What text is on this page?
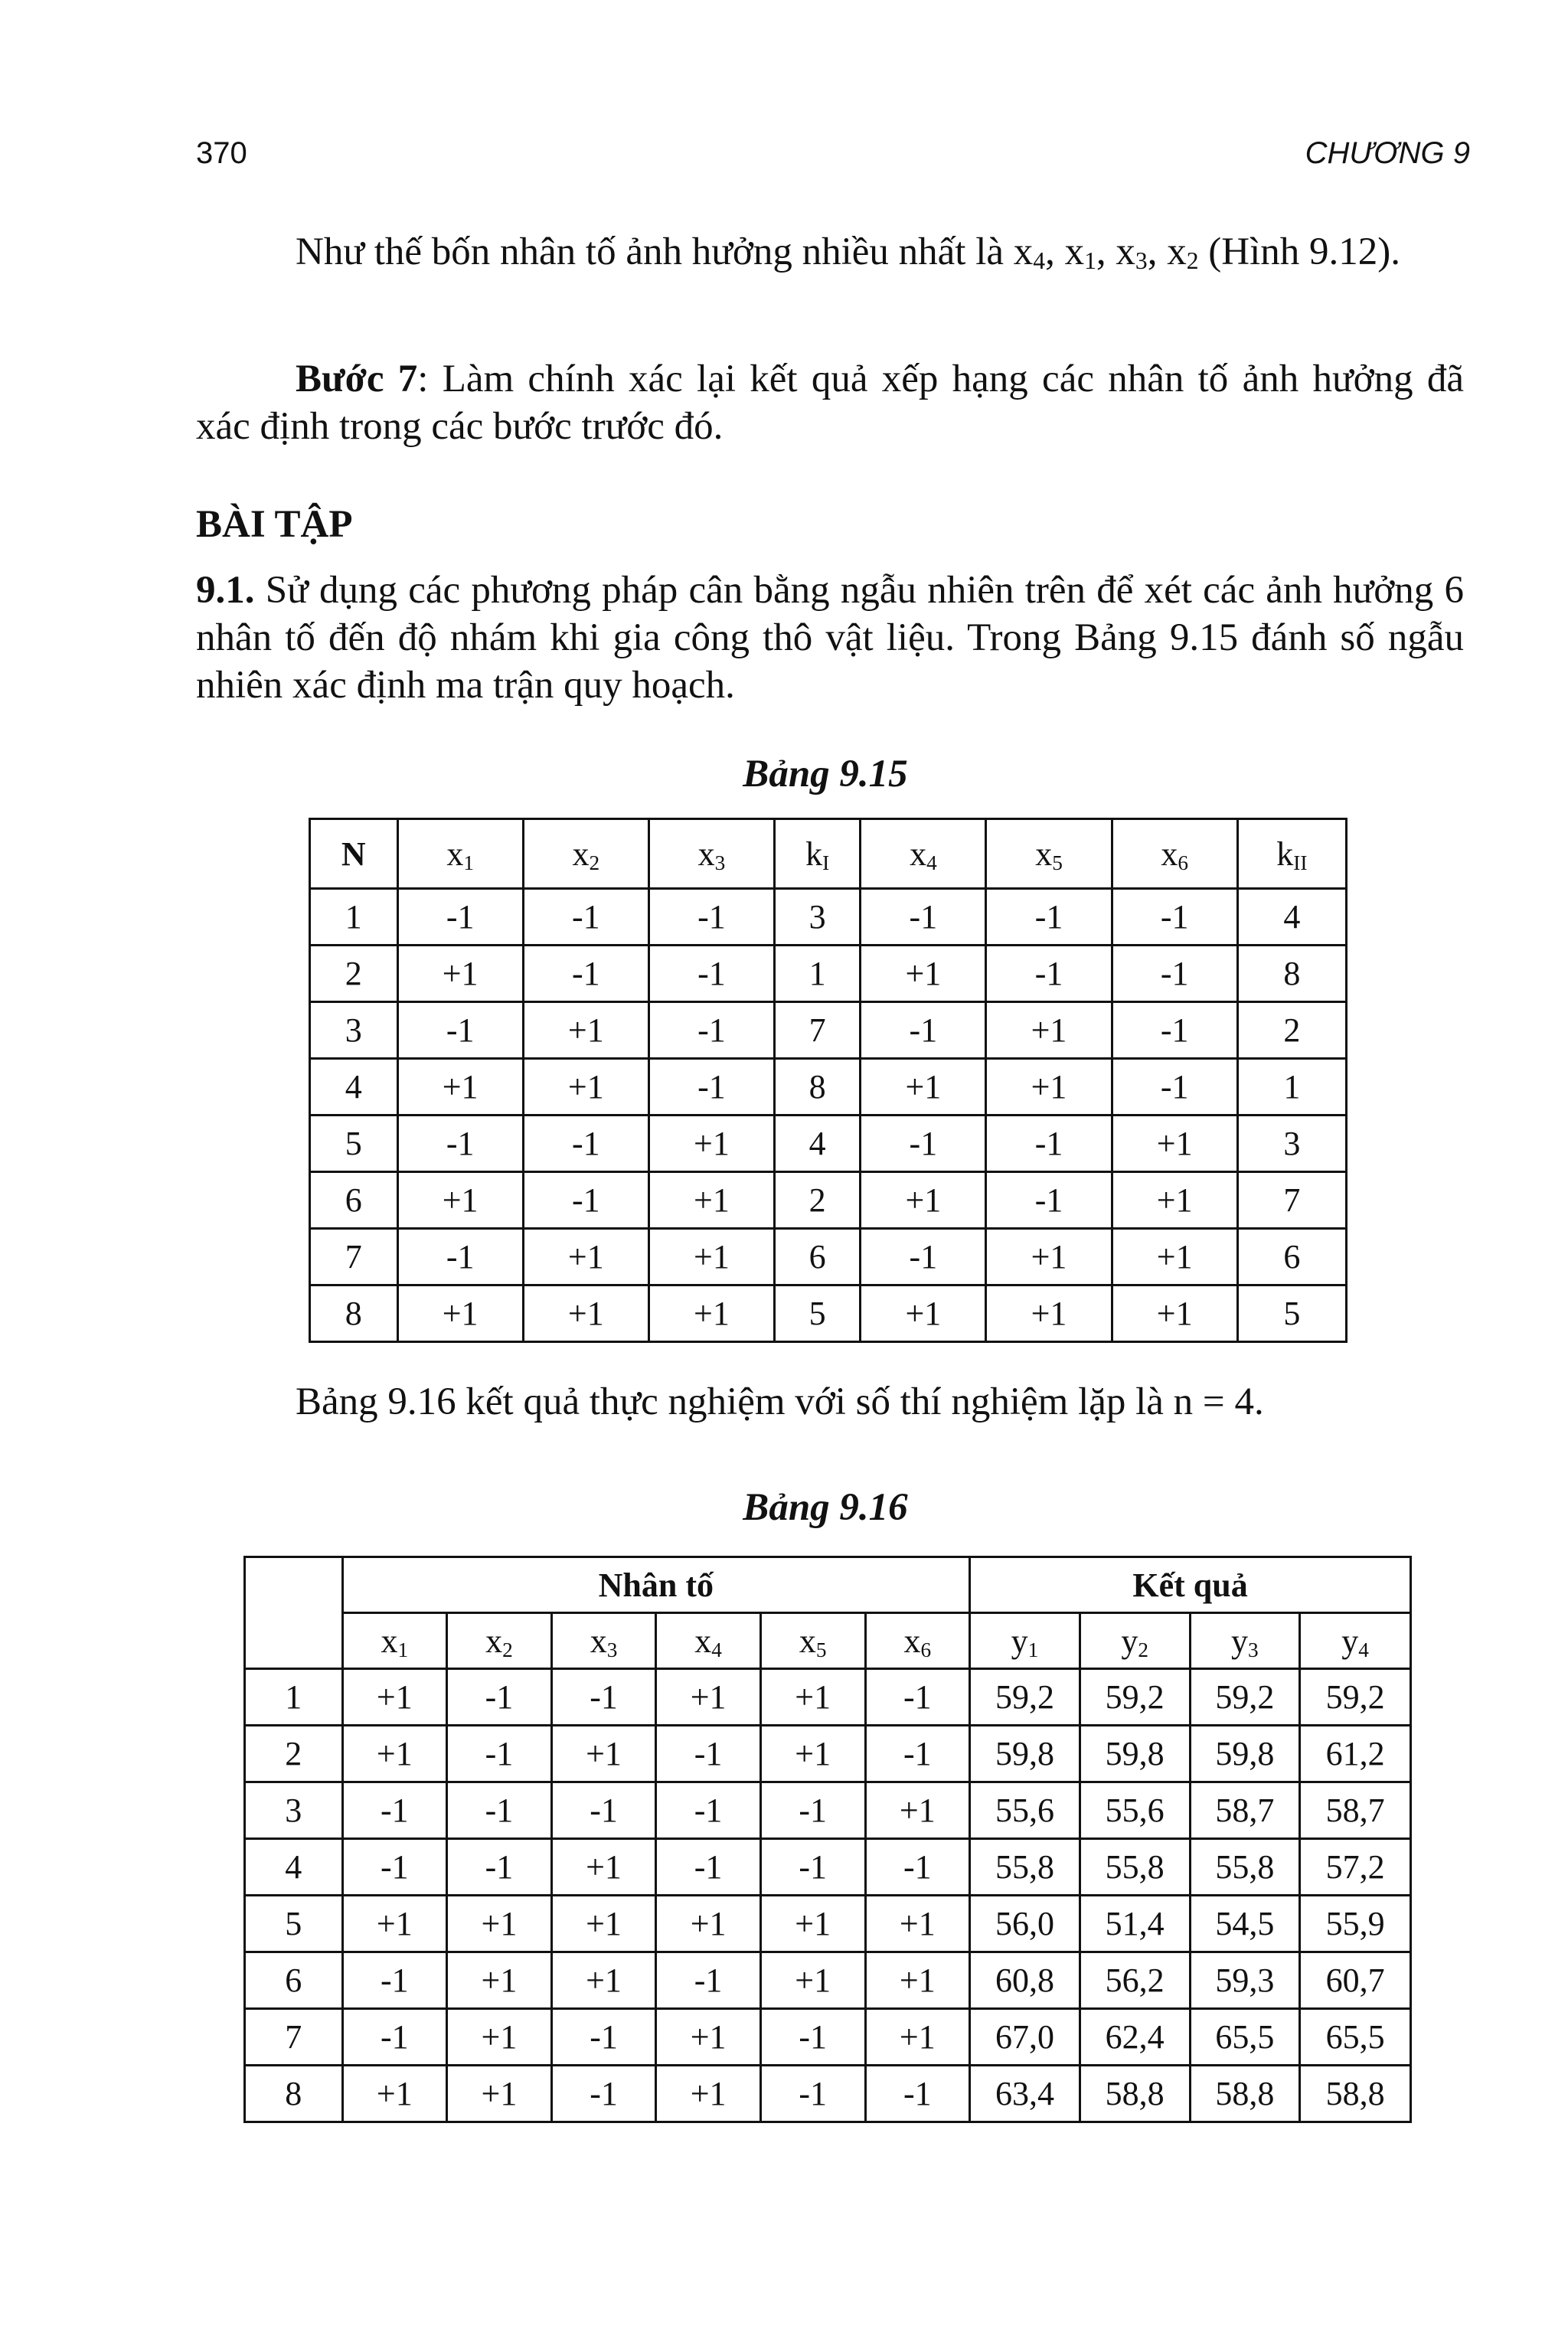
370	CHƯƠNG 9
Như thế bốn nhân tố ảnh hưởng nhiều nhất là $x_4$, $x_1$, $x_3$, $x_2$ (Hình 9.12).
Bước 7: Làm chính xác lại kết quả xếp hạng các nhân tố ảnh hưởng đã xác định trong các bước trước đó.
BÀI TẬP
9.1. Sử dụng các phương pháp cân bằng ngẫu nhiên trên để xét các ảnh hưởng 6 nhân tố đến độ nhám khi gia công thô vật liệu. Trong Bảng 9.15 đánh số ngẫu nhiên xác định ma trận quy hoạch.
Bảng 9.15
N	$x_1$	$x_2$	$x_3$	$k_I$	$x_4$	$x_5$	$x_6$	$k_{II}$
1	-1	-1	-1	3	-1	-1	-1	4
2	+1	-1	-1	1	+1	-1	-1	8
3	-1	+1	-1	7	-1	+1	-1	2
4	+1	+1	-1	8	+1	+1	-1	1
5	-1	-1	+1	4	-1	-1	+1	3
6	+1	-1	+1	2	+1	-1	+1	7
7	-1	+1	+1	6	-1	+1	+1	6
8	+1	+1	+1	5	+1	+1	+1	5
Bảng 9.16 kết quả thực nghiệm với số thí nghiệm lặp là n = 4.
Bảng 9.16
	Nhân tố						Kết quả			
	$x_1$	$x_2$	$x_3$	$x_4$	$x_5$	$x_6$	$y_1$	$y_2$	$y_3$	$y_4$
1	+1	-1	-1	+1	+1	-1	59,2	59,2	59,2	59,2
2	+1	-1	+1	-1	+1	-1	59,8	59,8	59,8	61,2
3	-1	-1	-1	-1	-1	+1	55,6	55,6	58,7	58,7
4	-1	-1	+1	-1	-1	-1	55,8	55,8	55,8	57,2
5	+1	+1	+1	+1	+1	+1	56,0	51,4	54,5	55,9
6	-1	+1	+1	-1	+1	+1	60,8	56,2	59,3	60,7
7	-1	+1	-1	+1	-1	+1	67,0	62,4	65,5	65,5
8	+1	+1	-1	+1	-1	-1	63,4	58,8	58,8	58,8
